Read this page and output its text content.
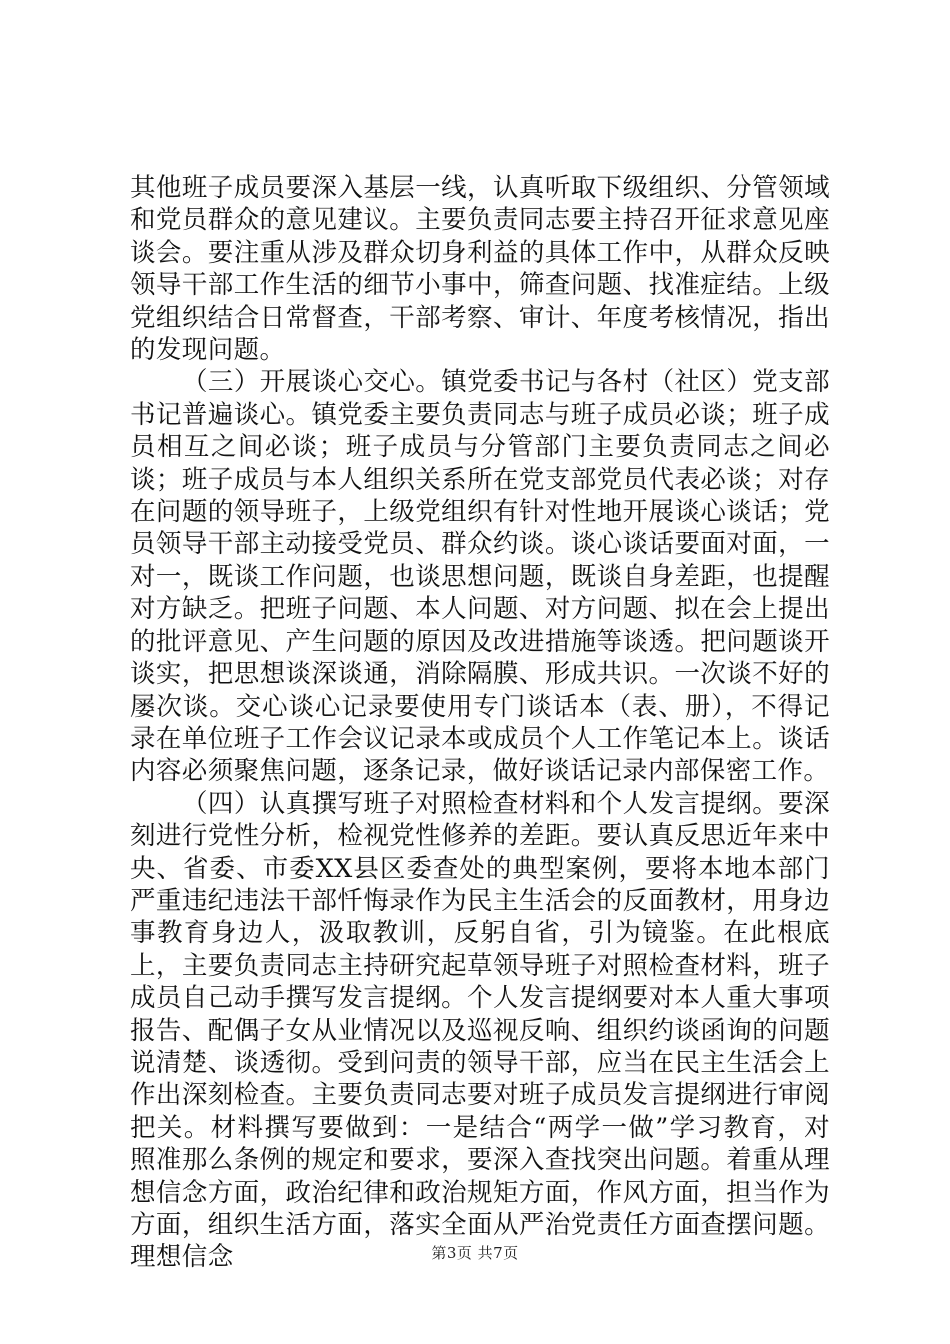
其他班子成员要深入基层一线，认真听取下级组织、分管领域和党员群众的意见建议。主要负责同志要主持召开征求意见座谈会。要注重从涉及群众切身利益的具体工作中，从群众反映领导干部工作生活的细节小事中，筛查问题、找准症结。上级党组织结合日常督查，干部考察、审计、年度考核情况，指出的发现问题。

（三）开展谈心交心。镇党委书记与各村（社区）党支部书记普遍谈心。镇党委主要负责同志与班子成员必谈；班子成员相互之间必谈；班子成员与分管部门主要负责同志之间必谈；班子成员与本人组织关系所在党支部党员代表必谈；对存在问题的领导班子，上级党组织有针对性地开展谈心谈话；党员领导干部主动接受党员、群众约谈。谈心谈话要面对面，一对一，既谈工作问题，也谈思想问题，既谈自身差距，也提醒对方缺乏。把班子问题、本人问题、对方问题、拟在会上提出的批评意见、产生问题的原因及改进措施等谈透。把问题谈开谈实，把思想谈深谈通，消除隔膜、形成共识。一次谈不好的屡次谈。交心谈心记录要使用专门谈话本（表、册），不得记录在单位班子工作会议记录本或成员个人工作笔记本上。谈话内容必须聚焦问题，逐条记录，做好谈话记录内部保密工作。

（四）认真撰写班子对照检查材料和个人发言提纲。要深刻进行党性分析，检视党性修养的差距。要认真反思近年来中央、省委、市委XX县区委查处的典型案例，要将本地本部门严重违纪违法干部忏悔录作为民主生活会的反面教材，用身边事教育身边人，汲取教训，反躬自省，引为镜鉴。在此根底上，主要负责同志主持研究起草领导班子对照检查材料，班子成员自己动手撰写发言提纲。个人发言提纲要对本人重大事项报告、配偶子女从业情况以及巡视反响、组织约谈函询的问题说清楚、谈透彻。受到问责的领导干部，应当在民主生活会上作出深刻检查。主要负责同志要对班子成员发言提纲进行审阅把关。材料撰写要做到：一是结合“两学一做”学习教育，对照准那么条例的规定和要求，要深入查找突出问题。着重从理想信念方面，政治纪律和政治规矩方面，作风方面，担当作为方面，组织生活方面，落实全面从严治党责任方面查摆问题。理想信念	第3页 共7页
